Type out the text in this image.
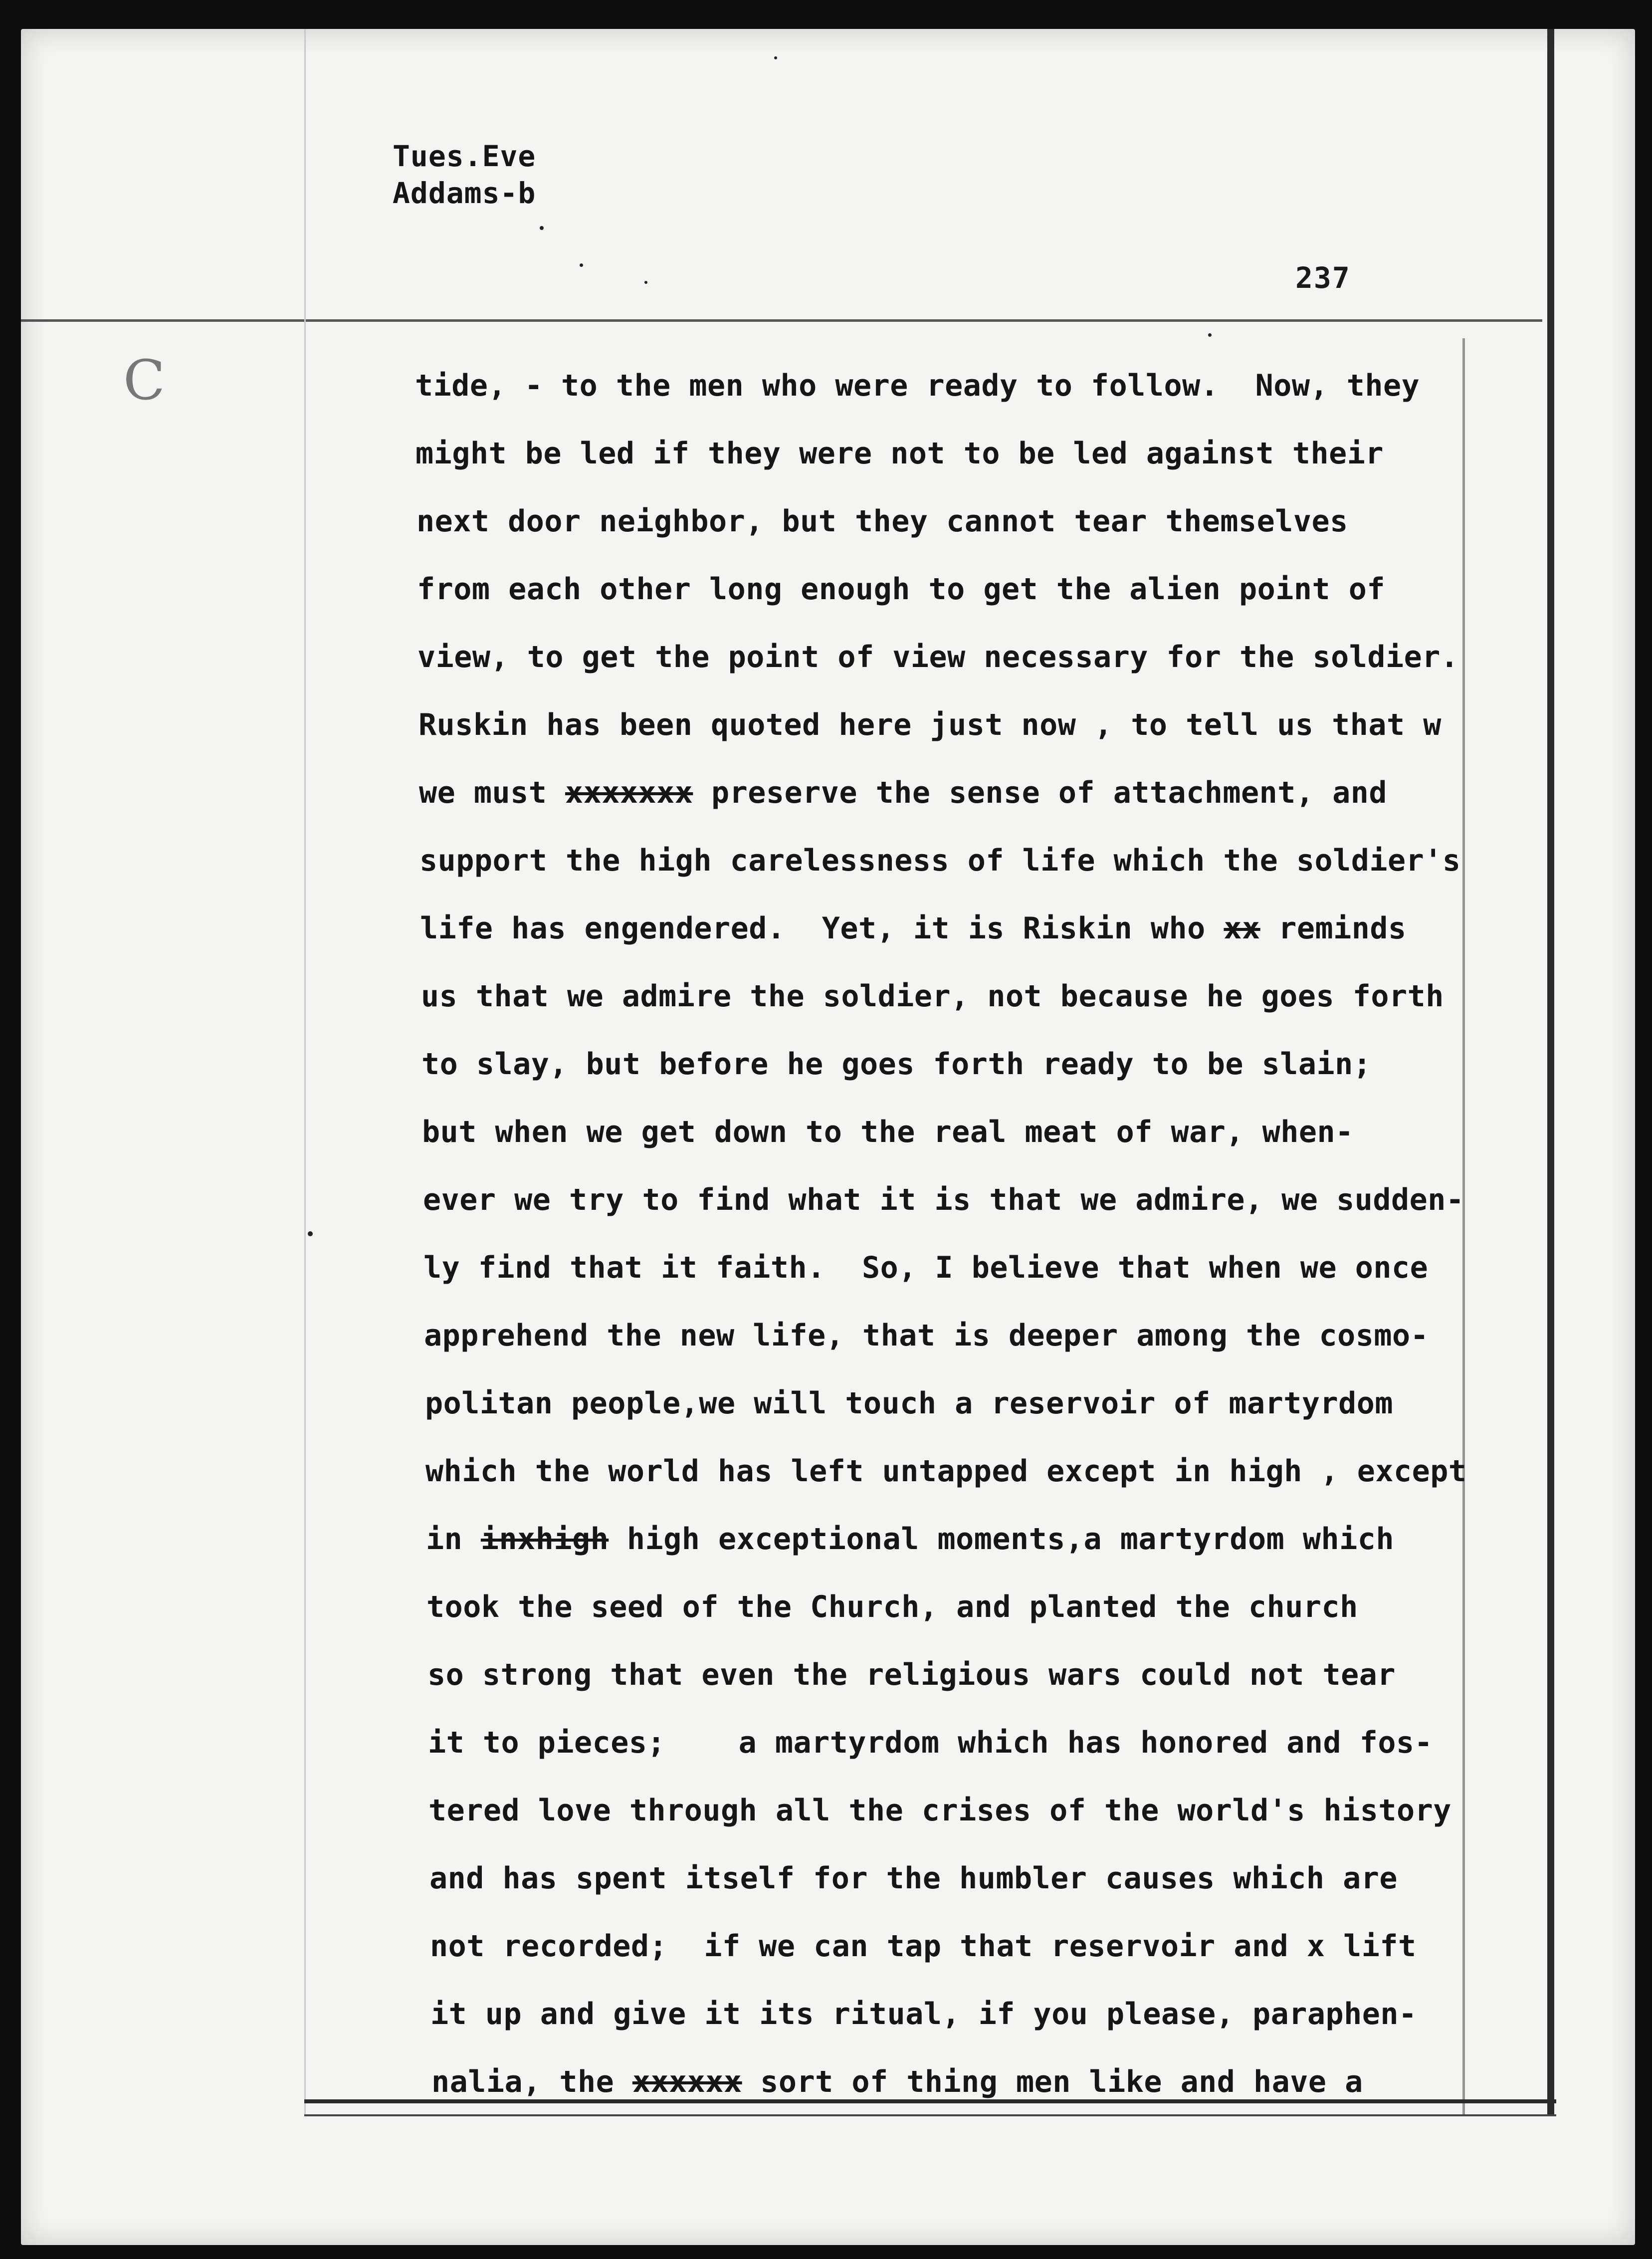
C
Tues.Eve
Addams-b
237
tide, - to the men who were ready to follow.  Now, they
might be led if they were not to be led against their
next door neighbor, but they cannot tear themselves
from each other long enough to get the alien point of
view, to get the point of view necessary for the soldier.
Ruskin has been quoted here just now , to tell us that w
we must xxxxxxx preserve the sense of attachment, and
support the high carelessness of life which the soldier's
life has engendered.  Yet, it is Riskin who xx reminds
us that we admire the soldier, not because he goes forth
to slay, but before he goes forth ready to be slain;
but when we get down to the real meat of war, when-
ever we try to find what it is that we admire, we sudden-
ly find that it faith.  So, I believe that when we once
apprehend the new life, that is deeper among the cosmo-
politan people,we will touch a reservoir of martyrdom
which the world has left untapped except in high , except
in inxhigh high exceptional moments,a martyrdom which
took the seed of the Church, and planted the church
so strong that even the religious wars could not tear
it to pieces;    a martyrdom which has honored and fos-
tered love through all the crises of the world's history
and has spent itself for the humbler causes which are
not recorded;  if we can tap that reservoir and x lift
it up and give it its ritual, if you please, paraphen-
nalia, the xxxxxx sort of thing men like and have a
